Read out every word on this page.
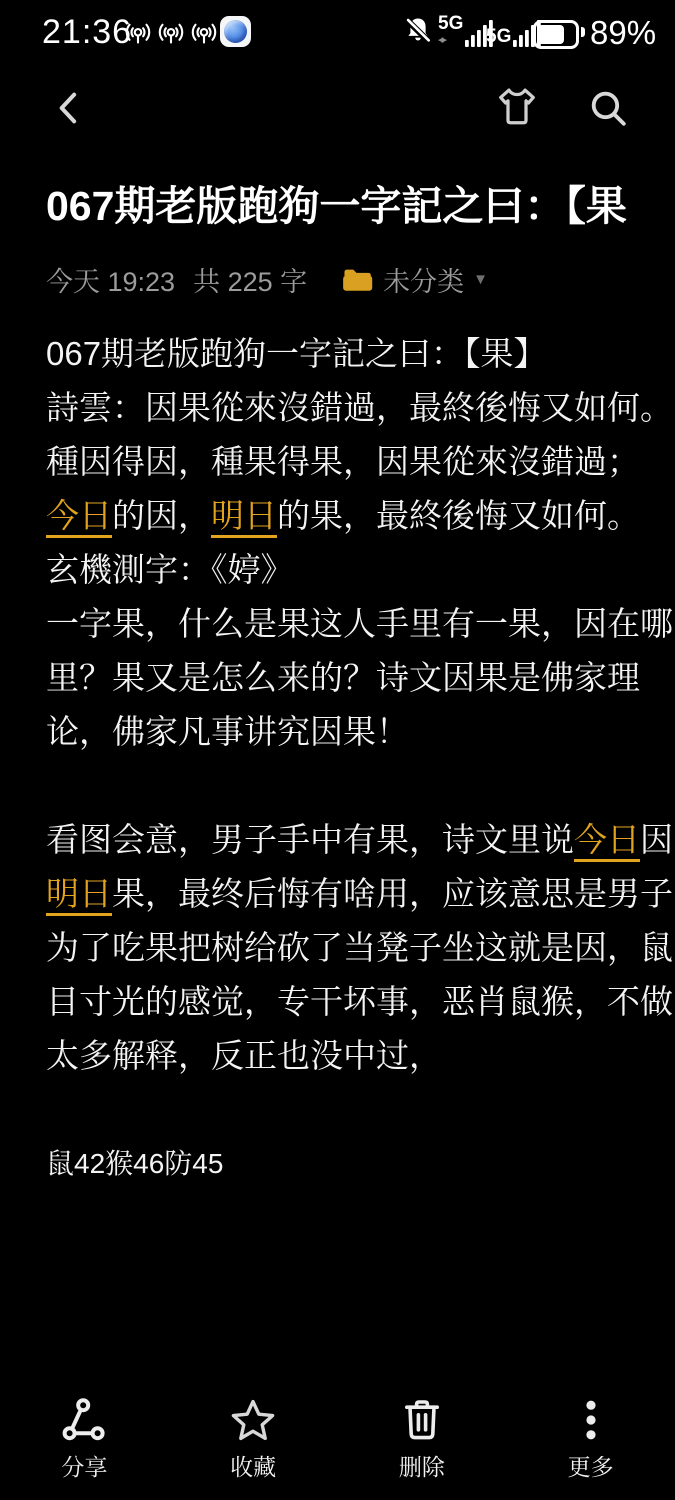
21:36	5G
◂▸ 5G 89%
067期老版跑狗一字記之曰：【果
今天 19:23 共 225 字	未分类 ▼
067期老版跑狗一字記之曰：【果】
詩雲：因果從來沒錯過，最終後悔又如何。
種因得因，種果得果，因果從來沒錯過；
今日的因，明日的果，最終後悔又如何。
玄機測字：《婷》
一字果，什么是果这人手里有一果，因在哪
里？果又是怎么来的？诗文因果是佛家理
论，佛家凡事讲究因果！
看图会意，男子手中有果，诗文里说今日因
明日果，最终后悔有啥用，应该意思是男子
为了吃果把树给砍了当凳子坐这就是因，鼠
目寸光的感觉，专干坏事，恶肖鼠猴，不做
太多解释，反正也没中过，
鼠42猴46防45
分享	收藏	删除	更多
